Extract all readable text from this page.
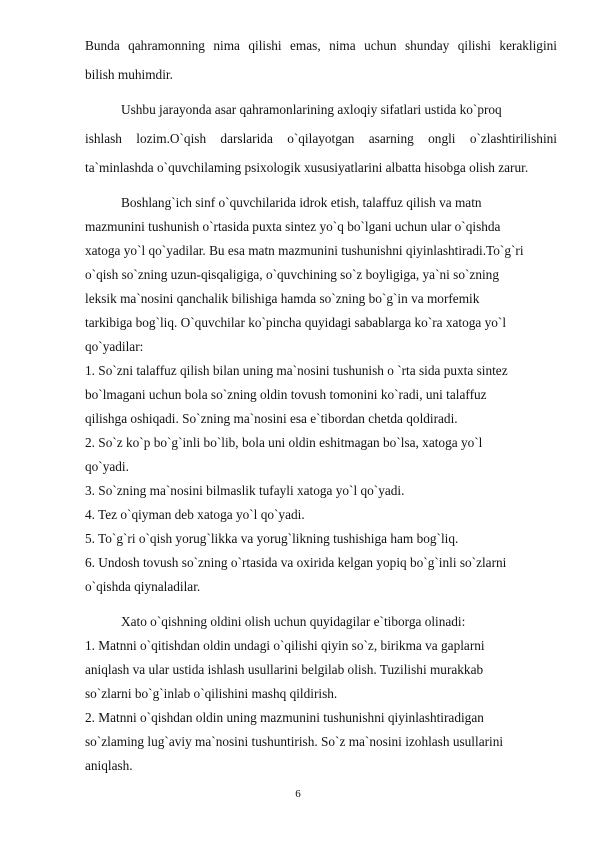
Bunda qahramonning nima qilishi emas, nima uchun shunday qilishi kerakligini

bilish muhimdir.

Ushbu jarayonda asar qahramonlarining axloqiy sifatlari ustida ko`proq

ishlash lozim.O`qish darslarida o`qilayotgan asarning ongli o`zlashtirilishini

ta`minlashda o`quvchilaming psixologik xususiyatlarini albatta hisobga olish zarur.

Boshlang`ich sinf o`quvchilarida idrok etish, talaffuz qilish va matn

mazmunini tushunish o`rtasida puxta sintez yo`q bo`lgani uchun ular o`qishda

xatoga yo`l qo`yadilar. Bu esa matn mazmunini tushunishni qiyinlashtiradi.To`g`ri

o`qish so`zning uzun-qisqaligiga, o`quvchining so`z boyligiga, ya`ni so`zning

leksik ma`nosini qanchalik bilishiga hamda so`zning bo`g`in va morfemik

tarkibiga bog`liq. O`quvchilar ko`pincha quyidagi sabablarga ko`ra xatoga yo`l

qo`yadilar:

1. So`zni talaffuz qilish bilan uning ma`nosini tushunish o `rta sida puxta sintez

bo`lmagani uchun bola so`zning oldin tovush tomonini ko`radi, uni talaffuz

qilishga oshiqadi. So`zning ma`nosini esa e`tibordan chetda qoldiradi.

2. So`z ko`p bo`g`inli bo`lib, bola uni oldin eshitmagan bo`lsa, xatoga yo`l

qo`yadi.

3. So`zning ma`nosini bilmaslik tufayli xatoga yo`l qo`yadi.

4. Tez o`qiyman deb xatoga yo`l qo`yadi.

5. To`g`ri o`qish yorug`likka va yorug`likning tushishiga ham bog`liq.

6. Undosh tovush so`zning o`rtasida va oxirida kelgan yopiq bo`g`inli so`zlarni

o`qishda qiynaladilar.

Xato o`qishning oldini olish uchun quyidagilar e`tiborga olinadi:

1. Matnni o`qitishdan oldin undagi o`qilishi qiyin so`z, birikma va gaplarni

aniqlash va ular ustida ishlash usullarini belgilab olish. Tuzilishi murakkab

so`zlarni bo`g`inlab o`qilishini mashq qildirish.

2. Matnni o`qishdan oldin uning mazmunini tushunishni qiyinlashtiradigan

so`zlaming lug`aviy ma`nosini tushuntirish. So`z ma`nosini izohlash usullarini

aniqlash.

6
